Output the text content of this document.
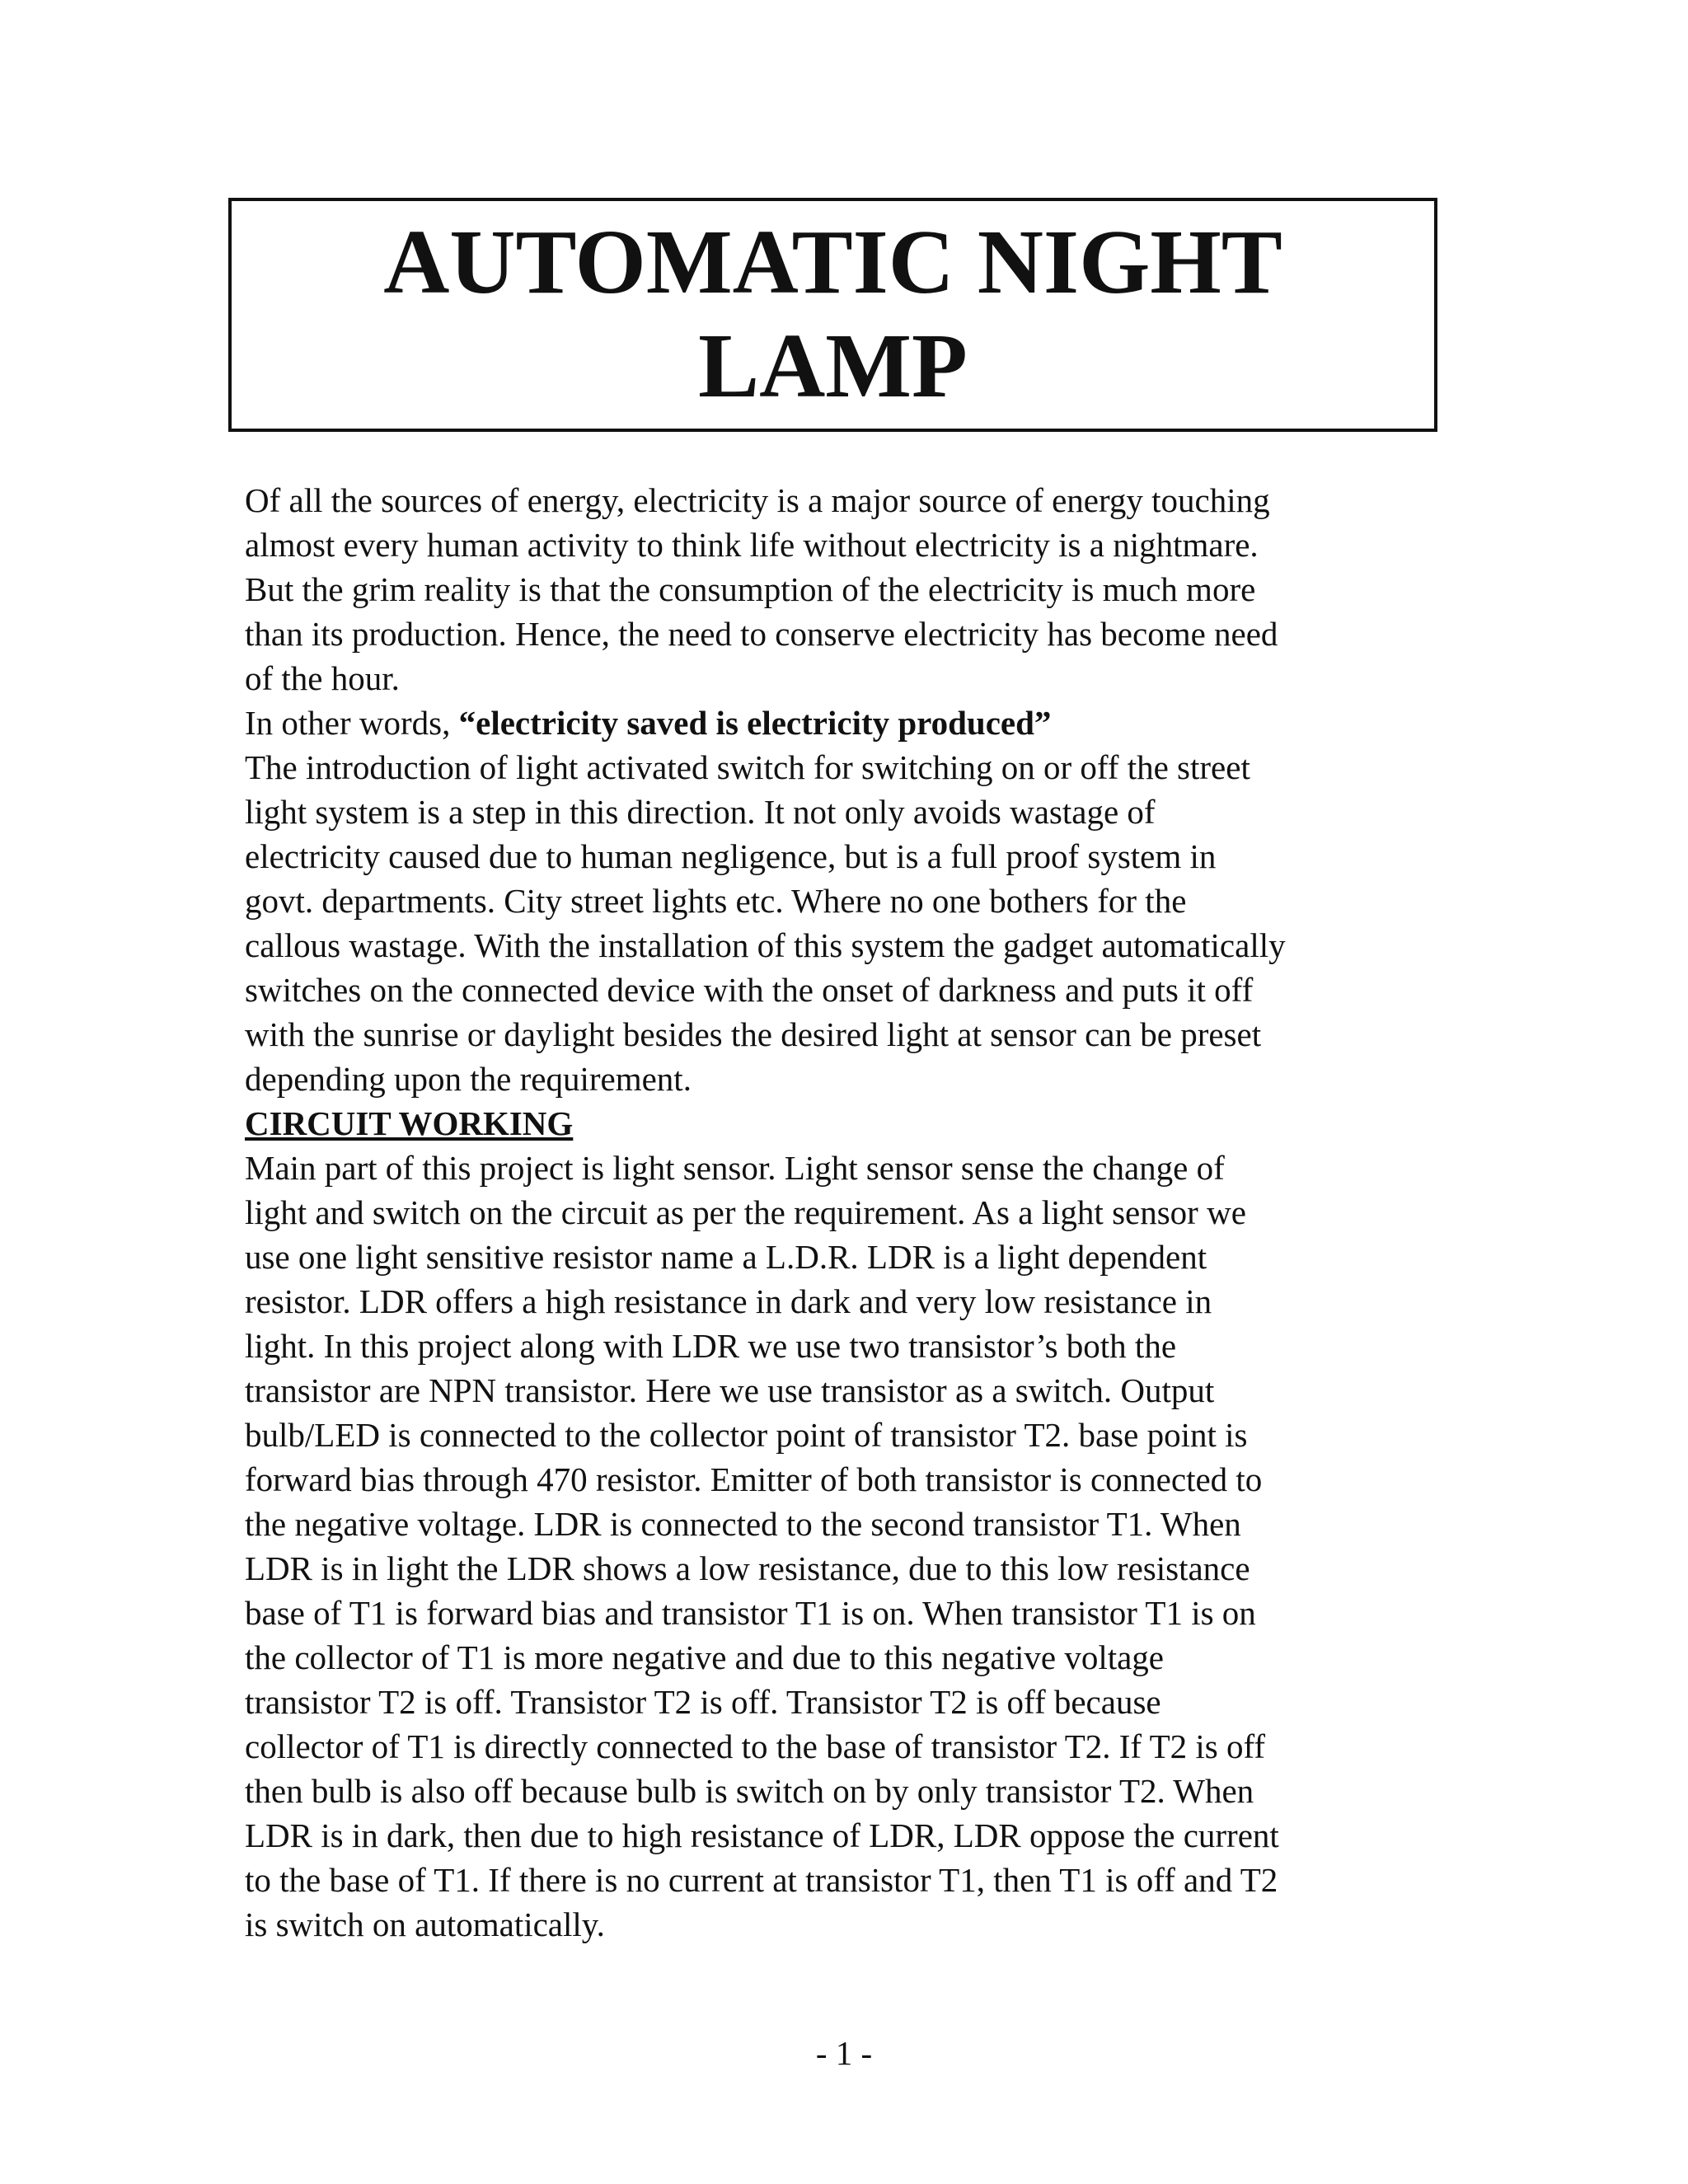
AUTOMATIC NIGHT
LAMP
Of all the sources of energy, electricity is a major source of energy touching
almost every human activity to think life without electricity is a nightmare.
But the grim reality is that the consumption of the electricity is much more
than its production. Hence, the need to conserve electricity has become need
of the hour.
In other words, “electricity saved is electricity produced”
The introduction of light activated switch for switching on or off the street
light system is a step in this direction. It not only avoids wastage of
electricity caused due to human negligence, but is a full proof system in
govt. departments. City street lights etc. Where no one bothers for the
callous wastage. With the installation of this system the gadget automatically
switches on the connected device with the onset of darkness and puts it off
with the sunrise or daylight besides the desired light at sensor can be preset
depending upon the requirement.
CIRCUIT WORKING
Main part of this project is light sensor. Light sensor sense the change of
light and switch on the circuit as per the requirement. As a light sensor we
use one light sensitive resistor name a L.D.R. LDR is a light dependent
resistor. LDR offers a high resistance in dark and very low resistance in
light. In this project along with LDR we use two transistor’s both the
transistor are NPN transistor. Here we use transistor as a switch. Output
bulb/LED is connected to the collector point of transistor T2. base point is
forward bias through 470 resistor. Emitter of both transistor is connected to
the negative voltage. LDR is connected to the second transistor T1. When
LDR is in light the LDR shows a low resistance, due to this low resistance
base of T1 is forward bias and transistor T1 is on. When transistor T1 is on
the collector of T1 is more negative and due to this negative voltage
transistor T2 is off. Transistor T2 is off. Transistor T2 is off because
collector of T1 is directly connected to the base of transistor T2. If T2 is off
then bulb is also off because bulb is switch on by only transistor T2. When
LDR is in dark, then due to high resistance of LDR, LDR oppose the current
to the base of T1. If there is no current at transistor T1, then T1 is off and T2
is switch on automatically.
- 1 -
